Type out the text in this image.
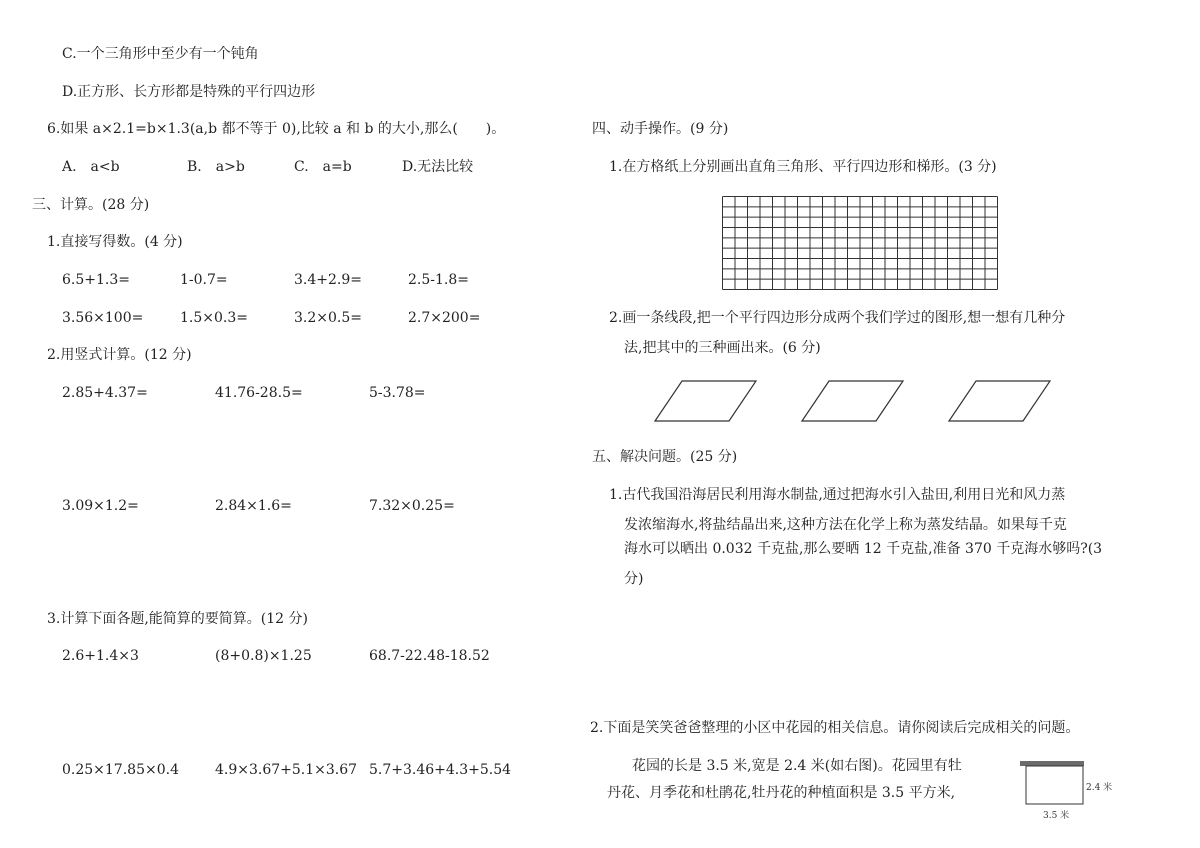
C.一个三角形中至少有一个钝角
D.正方形、长方形都是特殊的平行四边形
6.如果 a×2.1=b×1.3(a,b 都不等于 0),比较 a 和 b 的大小,那么(　　)。
A.　a<b	B.　a>b	C.　a=b	D.无法比较
三、计算。(28 分)
1.直接写得数。(4 分)
6.5+1.3=	1-0.7=	3.4+2.9=	2.5-1.8=
3.56×100=	1.5×0.3=	3.2×0.5=	2.7×200=
2.用竖式计算。(12 分)
2.85+4.37=	41.76-28.5=	5-3.78=
3.09×1.2=	2.84×1.6=	7.32×0.25=
3.计算下面各题,能简算的要简算。(12 分)
2.6+1.4×3	(8+0.8)×1.25	68.7-22.48-18.52
0.25×17.85×0.4	4.9×3.67+5.1×3.67 5.7+3.46+4.3+5.54
四、动手操作。(9 分)
1.在方格纸上分别画出直角三角形、平行四边形和梯形。(3 分)
2.画一条线段,把一个平行四边形分成两个我们学过的图形,想一想有几种分
法,把其中的三种画出来。(6 分)
五、解决问题。(25 分)
1.古代我国沿海居民利用海水制盐,通过把海水引入盐田,利用日光和风力蒸
发浓缩海水,将盐结晶出来,这种方法在化学上称为蒸发结晶。如果每千克
海水可以晒出 0.032 千克盐,那么要晒 12 千克盐,准备 370 千克海水够吗?(3
分)
2.下面是笑笑爸爸整理的小区中花园的相关信息。请你阅读后完成相关的问题。
花园的长是 3.5 米,宽是 2.4 米(如右图)。花园里有牡
丹花、月季花和杜鹃花,牡丹花的种植面积是 3.5 平方米,	2.4 米
3.5 米
